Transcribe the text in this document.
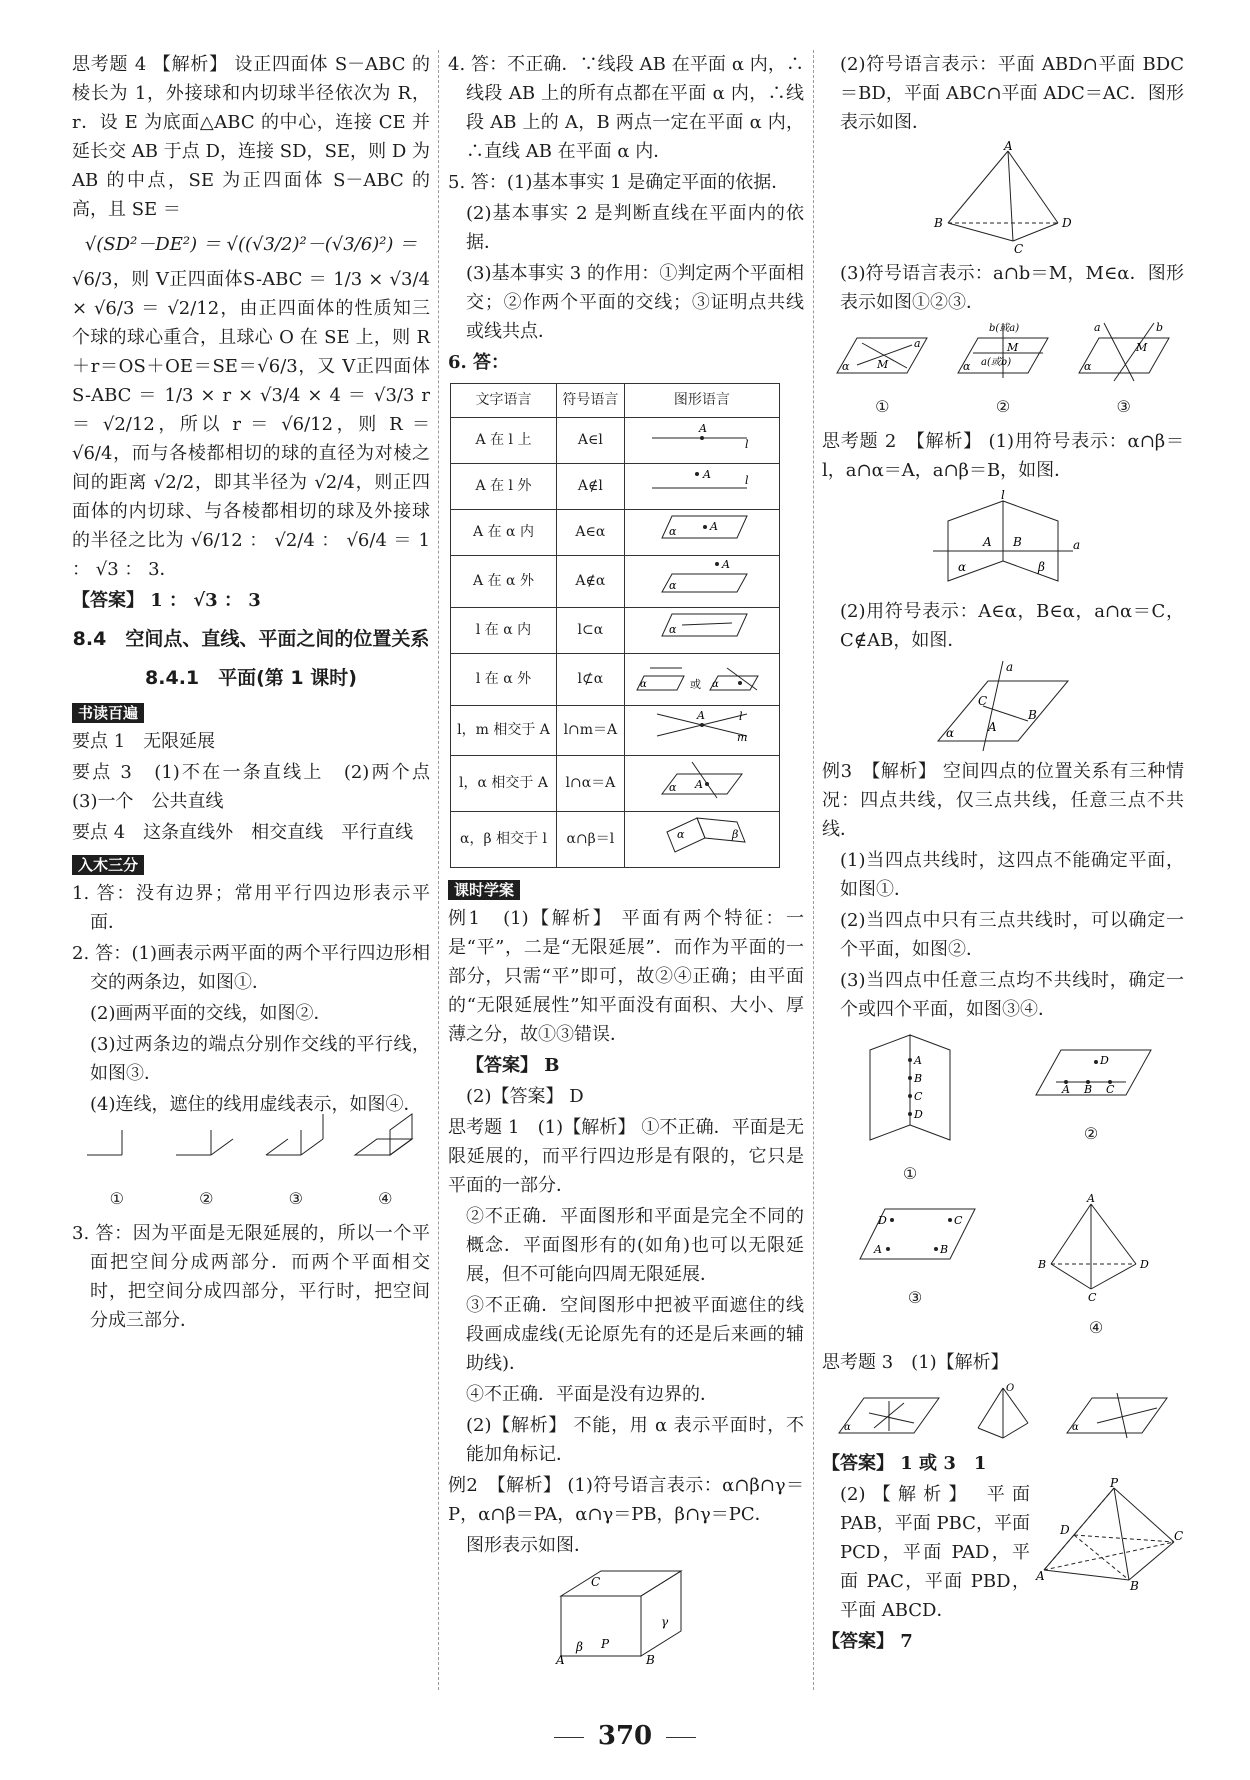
思考题 4 【解析】 设正四面体 S－ABC 的棱长为 1，外接球和内切球半径依次为 R，r．设 E 为底面△ABC 的中心，连接 CE 并延长交 AB 于点 D，连接 SD，SE，则 D 为 AB 的中点，SE 为正四面体 S－ABC 的高，且 SE ＝

√(SD²－DE²) ＝ √((√3/2)²－(√3/6)²) ＝

√6/3，则 V正四面体S-ABC ＝ 1/3 × √3/4 × √6/3 ＝ √2/12，由正四面体的性质知三个球的球心重合，且球心 O 在 SE 上，则 R＋r＝OS＋OE＝SE＝√6/3，又 V正四面体S-ABC ＝ 1/3 × r × √3/4 × 4 ＝ √3/3 r ＝ √2/12，所以 r ＝ √6/12，则 R ＝ √6/4，而与各棱都相切的球的直径为对棱之间的距离 √2/2，即其半径为 √2/4，则正四面体的内切球、与各棱都相切的球及外接球的半径之比为 √6/12 ： √2/4 ： √6/4 ＝ 1 ： √3 ： 3．

【答案】 1 ： √3 ： 3

8.4　空间点、直线、平面之间的位置关系
8.4.1　平面(第 1 课时)
书读百遍

要点 1　无限延展

要点 3　(1)不在一条直线上　(2)两个点　(3)一个　公共直线

要点 4　这条直线外　相交直线　平行直线

入木三分

1. 答：没有边界；常用平行四边形表示平面．

2. 答：(1)画表示两平面的两个平行四边形相交的两条边，如图①．

(2)画两平面的交线，如图②．

(3)过两条边的端点分别作交线的平行线，如图③．

(4)连线，遮住的线用虚线表示，如图④．

①	②	③	④

3. 答：因为平面是无限延展的，所以一个平面把空间分成两部分．而两个平面相交时，把空间分成四部分，平行时，把空间分成三部分．

4. 答：不正确．∵线段 AB 在平面 α 内，∴线段 AB 上的所有点都在平面 α 内，∴线段 AB 上的 A，B 两点一定在平面 α 内，∴直线 AB 在平面 α 内．

5. 答：(1)基本事实 1 是确定平面的依据．

(2)基本事实 2 是判断直线在平面内的依据．

(3)基本事实 3 的作用：①判定两个平面相交；②作两个平面的交线；③证明点共线或线共点．

6. 答：

文字语言	符号语言	图形语言
A 在 l 上	A∈l	A
l

A 在 l 外	A∉l	A l

A 在 α 内	A∈α	A
α

A 在 α 外	A∉α	A
α

l 在 α 内	l⊂α	α

l 在 α 外	l⊄α	α 或 α

l，m 相交于 A	l∩m＝A	A l
m

l，α 相交于 A	l∩α＝A	A
α

α，β 相交于 l	α∩β＝l	α β
课时学案

例1　(1)【解析】 平面有两个特征：一是“平”，二是“无限延展”．而作为平面的一部分，只需“平”即可，故②④正确；由平面的“无限延展性”知平面没有面积、大小、厚薄之分，故①③错误．

【答案】 B

(2)【答案】 D

思考题 1　(1)【解析】 ①不正确．平面是无限延展的，而平行四边形是有限的，它只是平面的一部分．

②不正确．平面图形和平面是完全不同的概念．平面图形有的(如角)也可以无限延展，但不可能向四周无限延展．

③不正确．空间图形中把被平面遮住的线段画成虚线(无论原先有的还是后来画的辅助线)．

④不正确．平面是没有边界的．

(2)【解析】 不能，用 α 表示平面时，不能加角标记．

例2　【解析】 (1)符号语言表示：α∩β∩γ＝P，α∩β＝PA，α∩γ＝PB，β∩γ＝PC．

图形表示如图．

C
A
β P
γ
B

(2)符号语言表示：平面 ABD∩平面 BDC＝BD，平面 ABC∩平面 ADC＝AC．图形表示如图．

A
B
C
D

(3)符号语言表示：a∩b＝M，M∈α．图形表示如图①②③．

α	M
a
①
b(或a)
M
a(或b)
α
②
a	b
M
α
③

思考题 2　【解析】 (1)用符号表示：α∩β＝l，a∩α＝A，a∩β＝B，如图．

l
A B	a
α	β

(2)用符号表示：A∈α，B∈α，a∩α＝C，C∉AB，如图．

a
C
B
A
α

例3　【解析】 空间四点的位置关系有三种情况：四点共线，仅三点共线，任意三点不共线．

(1)当四点共线时，这四点不能确定平面，如图①．

(2)当四点中只有三点共线时，可以确定一个平面，如图②．

(3)当四点中任意三点均不共线时，确定一个或四个平面，如图③④．

A
B
C
D
①
A B C
D
②
D	C
A	B
③
A
B
C
D
④

思考题 3　(1)【解析】

α
O
α

【答案】 1 或 3　1

(2)【解析】 平面 PAB，平面 PBC，平面 PCD，平面 PAD，平面 PAC，平面 PBD，平面 ABCD．

P
A
B
C
D

【答案】 7

370
